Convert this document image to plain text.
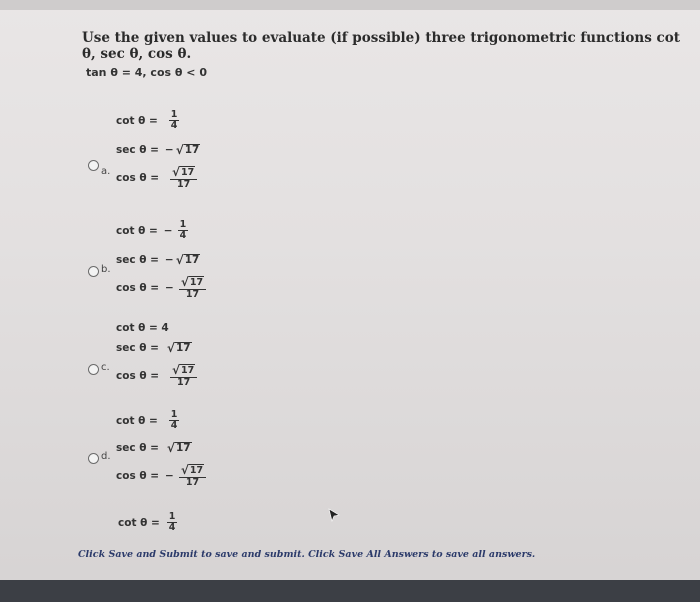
Use the given values to evaluate (if possible) three trigonometric functions cot θ, sec θ, cos θ.
tan θ = 4, cos θ < 0
a.
$\cot \theta = \frac{1}{4}$
sec θ = − √ 17
$\cos \theta = \frac{√ 17}{17}$
b.
cot θ = − $\frac{1}{4}$
sec θ = − √ 17
cos θ = − $\frac{√ 17}{17}$
c.
cot θ = 4
sec θ = √ 17
$\cos \theta = \frac{√ 17}{17}$
d.
$\cot \theta = \frac{1}{4}$
sec θ = √ 17
cos θ = − $\frac{√ 17}{17}$
$\cot \theta = \frac{1}{4}$
Click Save and Submit to save and submit. Click Save All Answers to save all answers.
